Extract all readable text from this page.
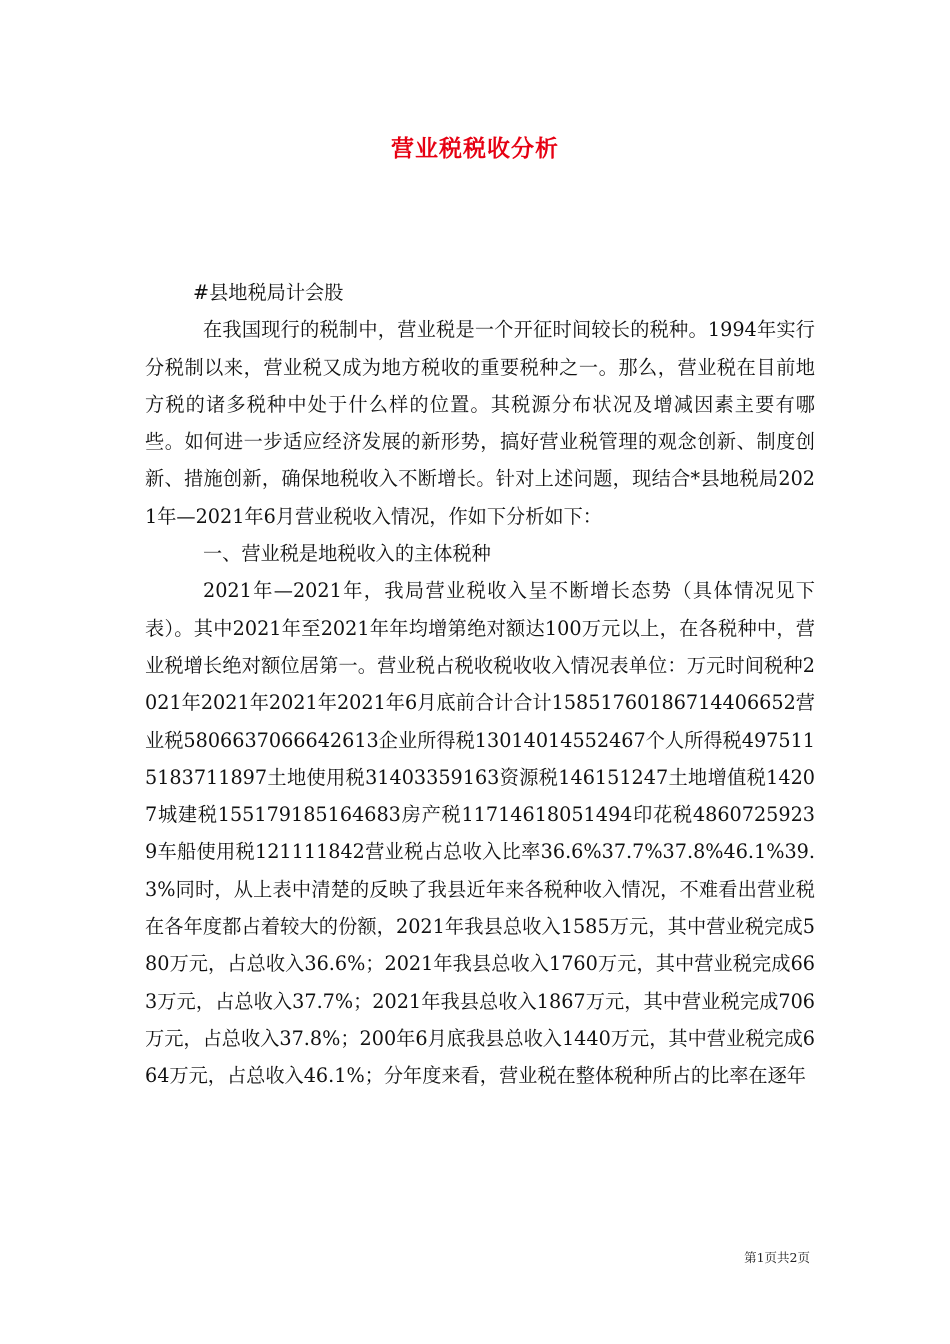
营业税税收分析

#县地税局计会股

在我国现行的税制中，营业税是一个开征时间较长的税种。1994年实行分税制以来，营业税又成为地方税收的重要税种之一。那么，营业税在目前地方税的诸多税种中处于什么样的位置。其税源分布状况及增减因素主要有哪些。如何进一步适应经济发展的新形势，搞好营业税管理的观念创新、制度创新、措施创新，确保地税收入不断增长。针对上述问题，现结合*县地税局2021年—2021年6月营业税收入情况，作如下分析如下：

一、营业税是地税收入的主体税种

2021年—2021年，我局营业税收入呈不断增长态势（具体情况见下表）。其中2021年至2021年年均增第绝对额达100万元以上，在各税种中，营业税增长绝对额位居第一。营业税占税收税收收入情况表单位：万元时间税种2021年2021年2021年2021年6月底前合计合计15851760186714406652营业税5806637066642613企业所得税13014014552467个人所得税4975115183711897土地使用税31403359163资源税146151247土地增值税14207城建税155179185164683房产税11714618051494印花税48607259239车船使用税121111842营业税占总收入比率36.6%37.7%37.8%46.1%39.3%同时，从上表中清楚的反映了我县近年来各税种收入情况，不难看出营业税在各年度都占着较大的份额，2021年我县总收入1585万元，其中营业税完成580万元，占总收入36.6%；2021年我县总收入1760万元，其中营业税完成663万元，占总收入37.7%；2021年我县总收入1867万元，其中营业税完成706万元，占总收入37.8%；200年6月底我县总收入1440万元，其中营业税完成664万元，占总收入46.1%；分年度来看，营业税在整体税种所占的比率在逐年

第1页共2页
